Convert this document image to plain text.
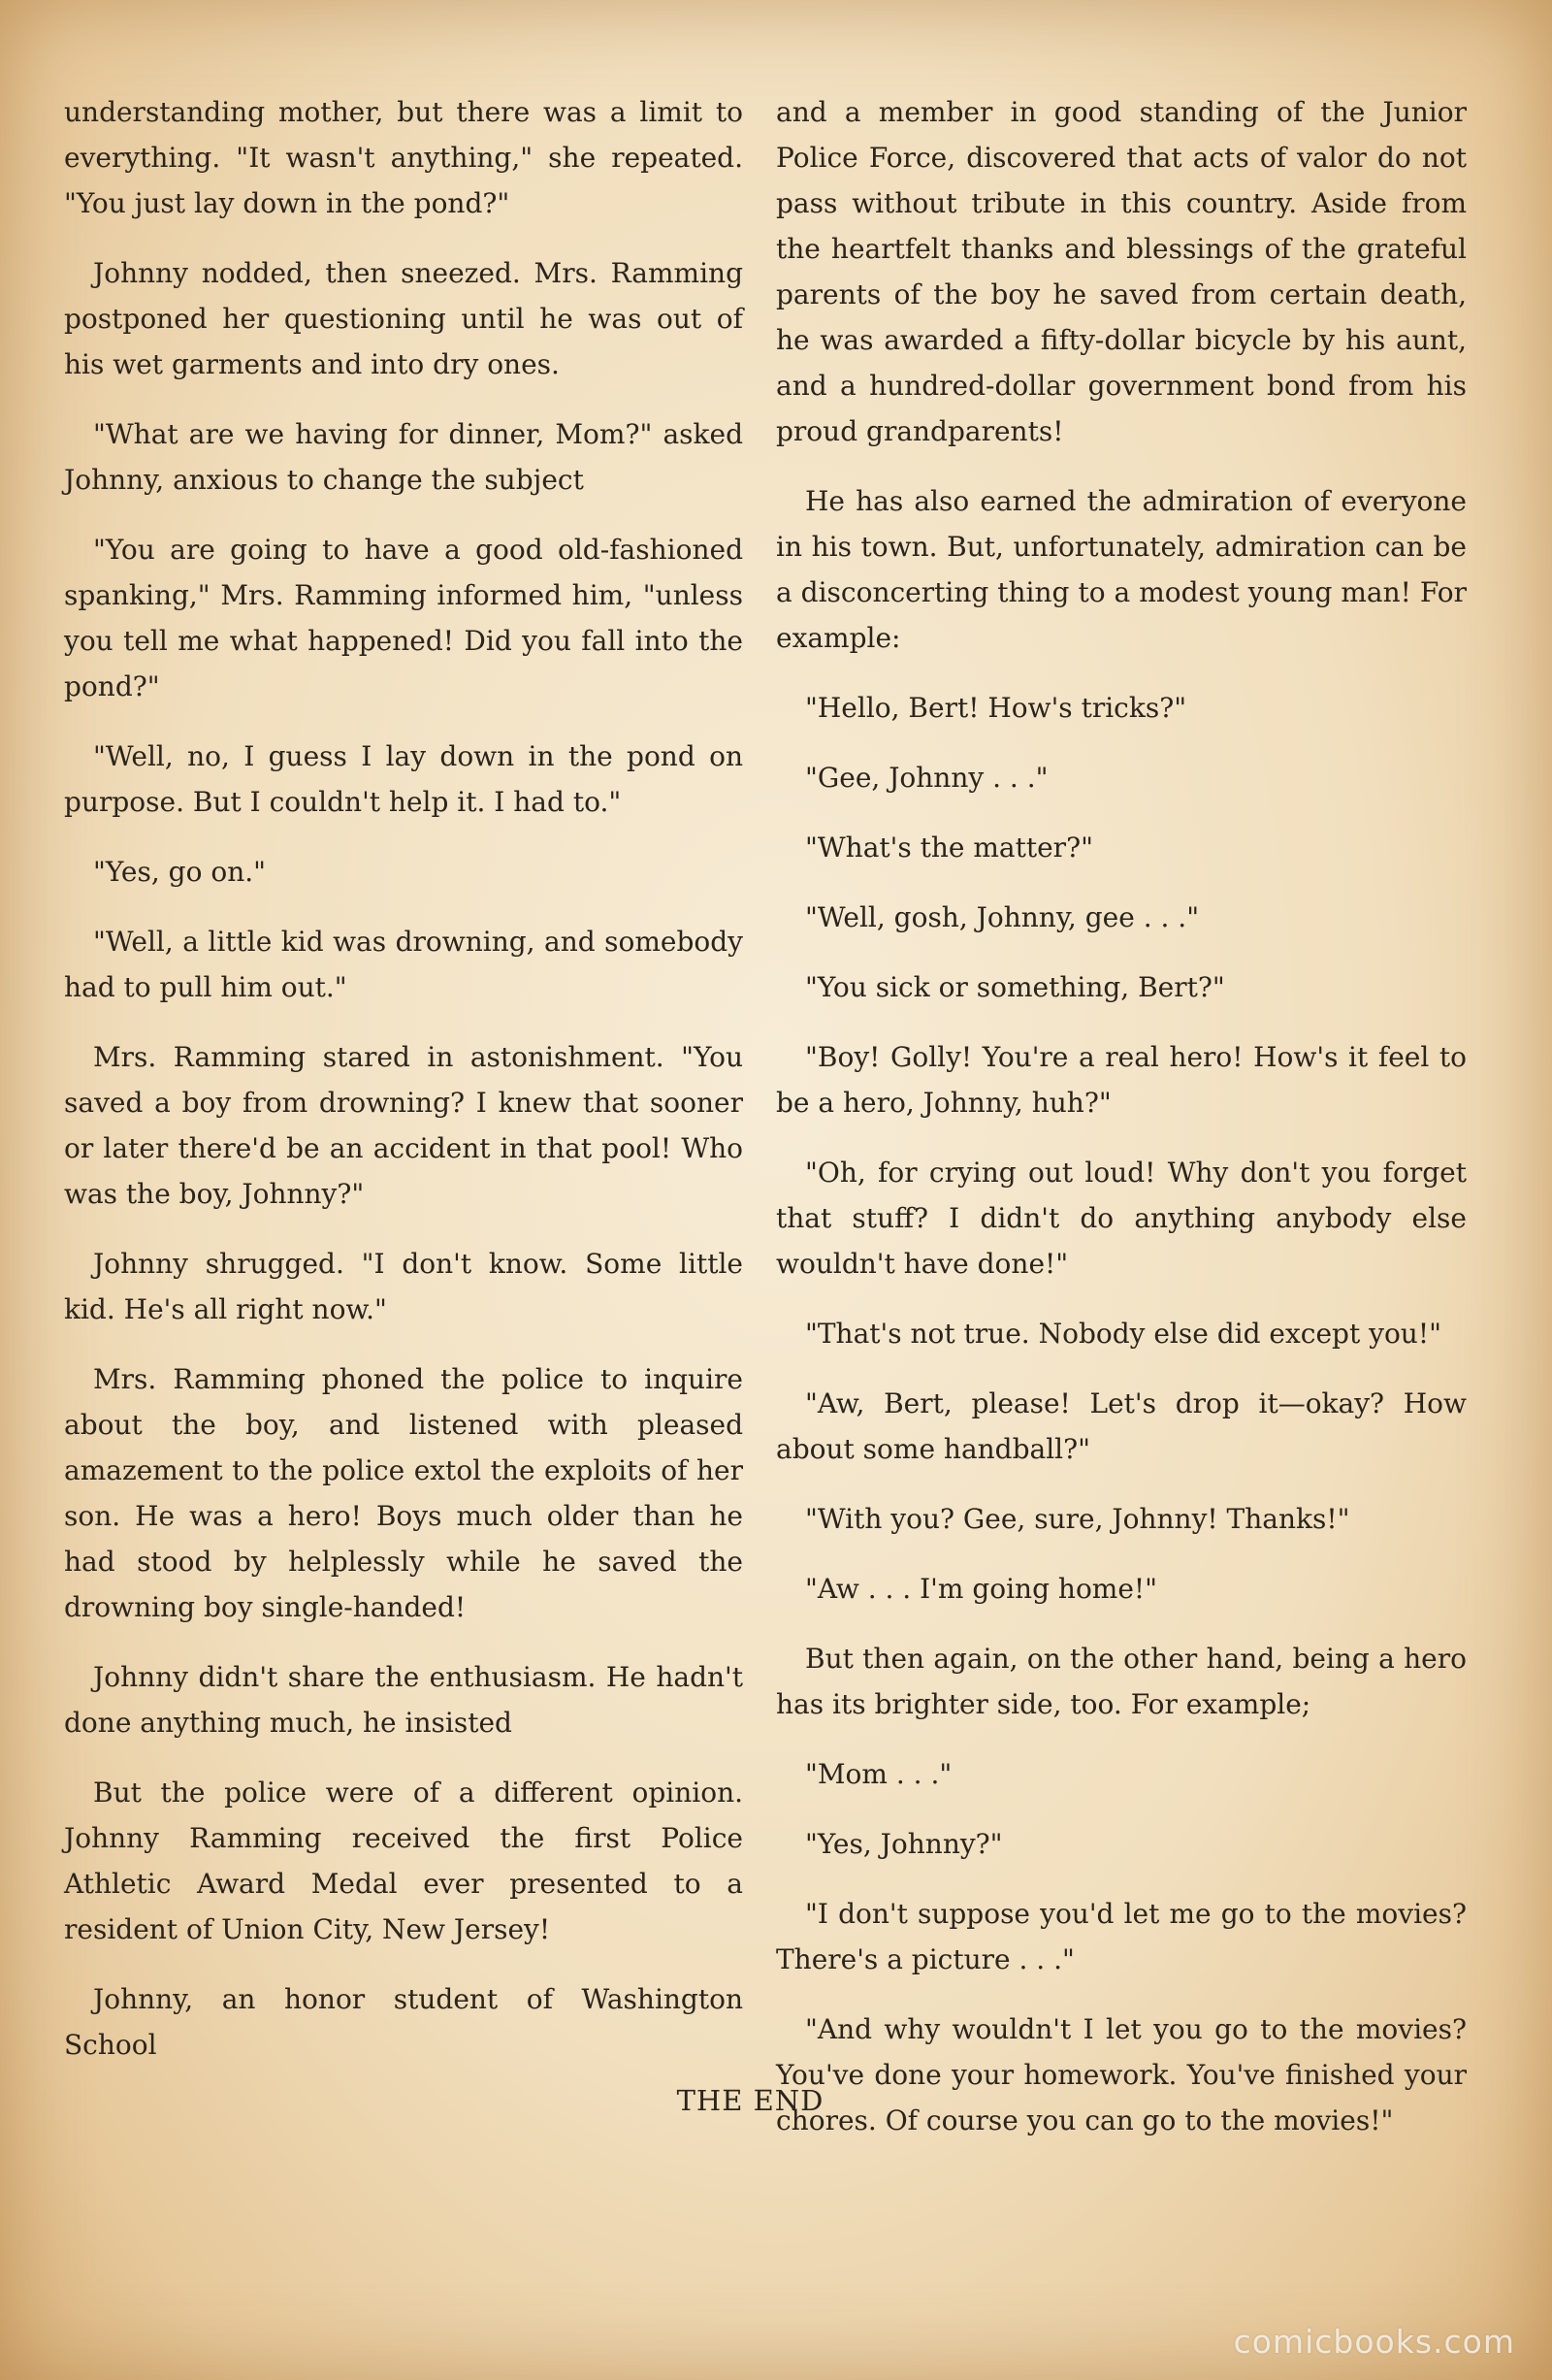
understanding mother, but there was a limit to everything. "It wasn't anything," she repeated. "You just lay down in the pond?"

Johnny nodded, then sneezed. Mrs. Ramming postponed her questioning until he was out of his wet garments and into dry ones.

"What are we having for dinner, Mom?" asked Johnny, anxious to change the subject

"You are going to have a good old-fashioned spanking," Mrs. Ramming informed him, "unless you tell me what happened! Did you fall into the pond?"

"Well, no, I guess I lay down in the pond on purpose. But I couldn't help it. I had to."

"Yes, go on."

"Well, a little kid was drowning, and somebody had to pull him out."

Mrs. Ramming stared in astonishment. "You saved a boy from drowning? I knew that sooner or later there'd be an accident in that pool! Who was the boy, Johnny?"

Johnny shrugged. "I don't know. Some little kid. He's all right now."

Mrs. Ramming phoned the police to inquire about the boy, and listened with pleased amazement to the police extol the exploits of her son. He was a hero! Boys much older than he had stood by helplessly while he saved the drowning boy single-handed!

Johnny didn't share the enthusiasm. He hadn't done anything much, he insisted

But the police were of a different opinion. Johnny Ramming received the first Police Athletic Award Medal ever presented to a resident of Union City, New Jersey!

Johnny, an honor student of Washington School

and a member in good standing of the Junior Police Force, discovered that acts of valor do not pass without tribute in this country. Aside from the heartfelt thanks and blessings of the grateful parents of the boy he saved from certain death, he was awarded a fifty-dollar bicycle by his aunt, and a hundred-dollar government bond from his proud grandparents!

He has also earned the admiration of everyone in his town. But, unfortunately, admiration can be a disconcerting thing to a modest young man! For example:

"Hello, Bert! How's tricks?"

"Gee, Johnny . . ."

"What's the matter?"

"Well, gosh, Johnny, gee . . ."

"You sick or something, Bert?"

"Boy! Golly! You're a real hero! How's it feel to be a hero, Johnny, huh?"

"Oh, for crying out loud! Why don't you forget that stuff? I didn't do anything anybody else wouldn't have done!"

"That's not true. Nobody else did except you!"

"Aw, Bert, please! Let's drop it—okay? How about some handball?"

"With you? Gee, sure, Johnny! Thanks!"

"Aw . . . I'm going home!"

But then again, on the other hand, being a hero has its brighter side, too. For example;

"Mom . . ."

"Yes, Johnny?"

"I don't suppose you'd let me go to the movies? There's a picture . . ."

"And why wouldn't I let you go to the movies? You've done your homework. You've finished your chores. Of course you can go to the movies!"

THE END
comicbooks.com
